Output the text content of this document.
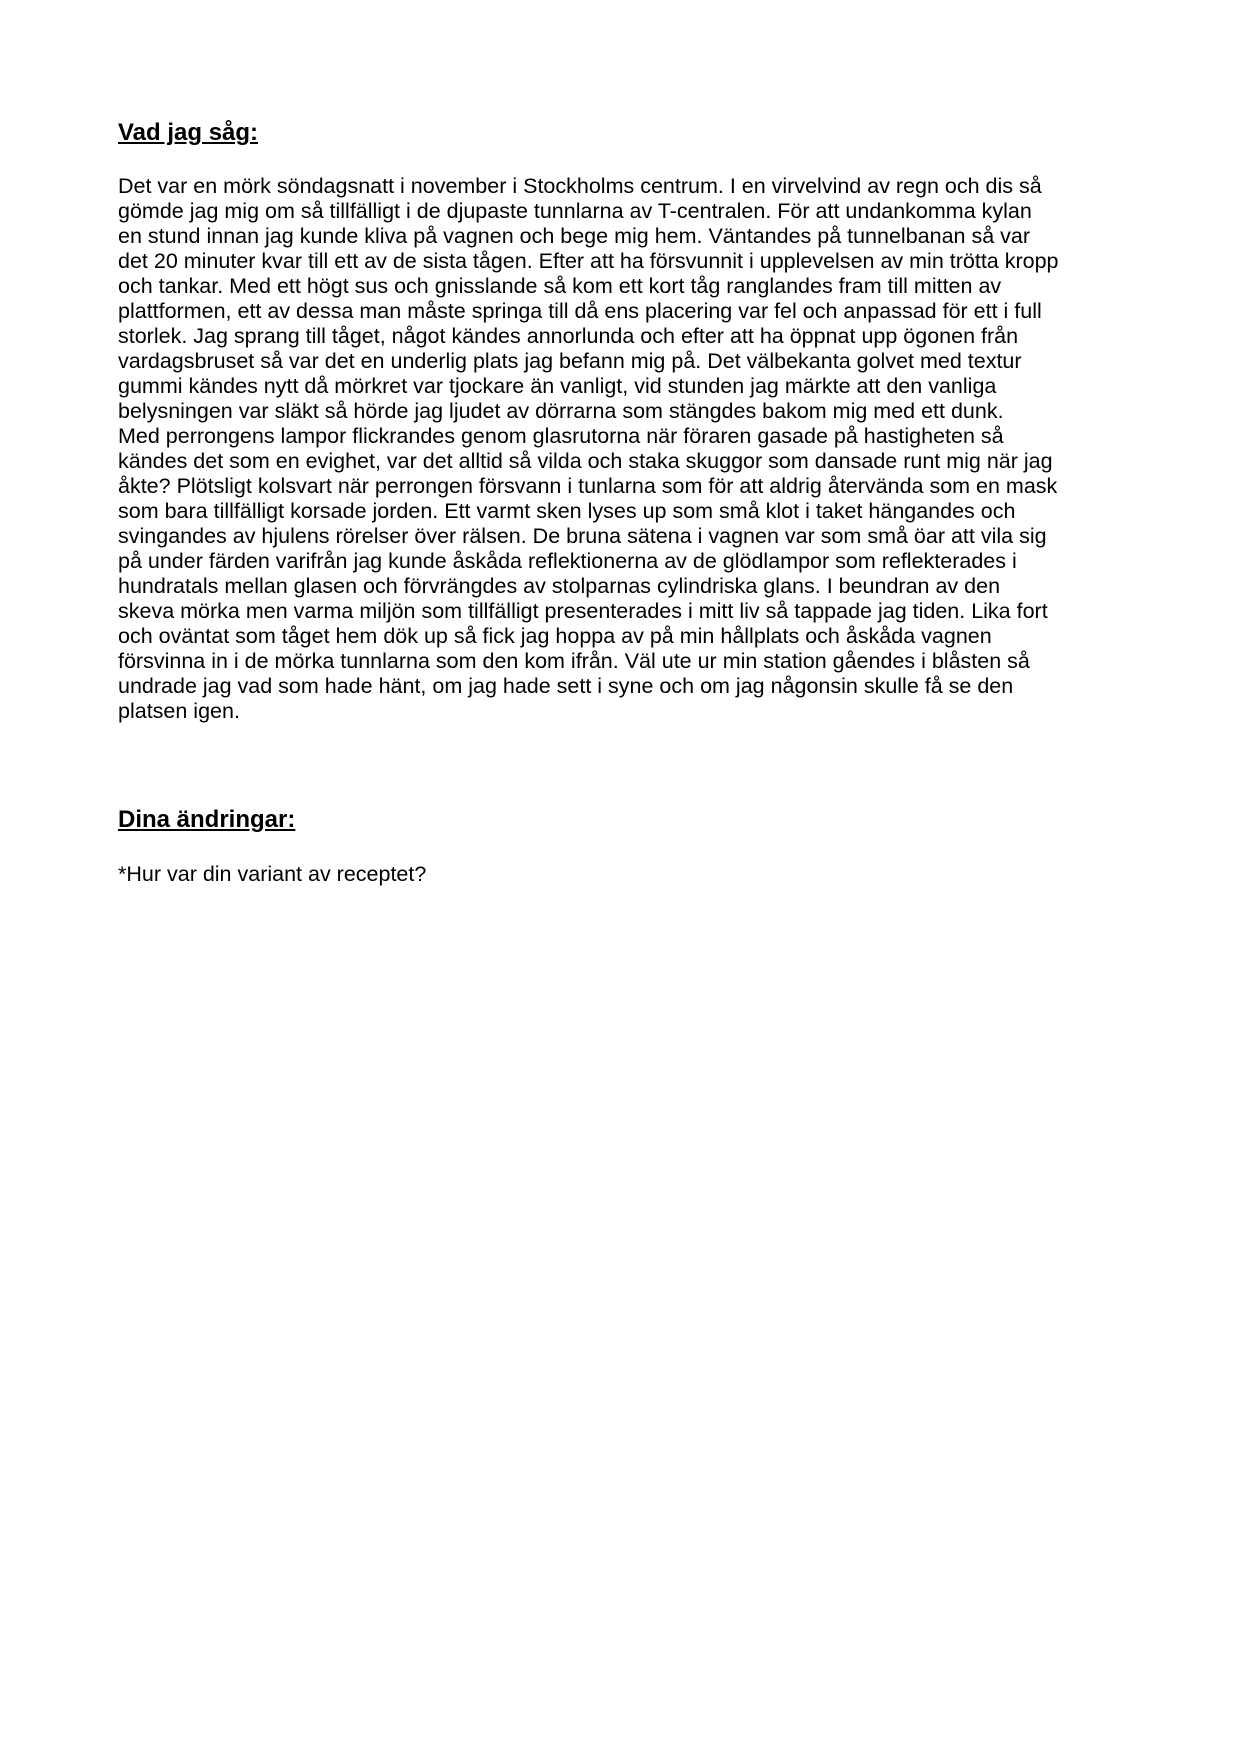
Vad jag såg:

Det var en mörk söndagsnatt i november i Stockholms centrum. I en virvelvind av regn och dis så
gömde jag mig om så tillfälligt i de djupaste tunnlarna av T-centralen. För att undankomma kylan
en stund innan jag kunde kliva på vagnen och bege mig hem. Väntandes på tunnelbanan så var
det 20 minuter kvar till ett av de sista tågen. Efter att ha försvunnit i upplevelsen av min trötta kropp
och tankar. Med ett högt sus och gnisslande så kom ett kort tåg ranglandes fram till mitten av
plattformen, ett av dessa man måste springa till då ens placering var fel och anpassad för ett i full
storlek. Jag sprang till tåget, något kändes annorlunda och efter att ha öppnat upp ögonen från
vardagsbruset så var det en underlig plats jag befann mig på. Det välbekanta golvet med textur
gummi kändes nytt då mörkret var tjockare än vanligt, vid stunden jag märkte att den vanliga
belysningen var släkt så hörde jag ljudet av dörrarna som stängdes bakom mig med ett dunk.
Med perrongens lampor flickrandes genom glasrutorna när föraren gasade på hastigheten så
kändes det som en evighet, var det alltid så vilda och staka skuggor som dansade runt mig när jag
åkte? Plötsligt kolsvart när perrongen försvann i tunlarna som för att aldrig återvända som en mask
som bara tillfälligt korsade jorden. Ett varmt sken lyses up som små klot i taket hängandes och
svingandes av hjulens rörelser över rälsen. De bruna sätena i vagnen var som små öar att vila sig
på under färden varifrån jag kunde åskåda reflektionerna av de glödlampor som reflekterades i
hundratals mellan glasen och förvrängdes av stolparnas cylindriska glans. I beundran av den
skeva mörka men varma miljön som tillfälligt presenterades i mitt liv så tappade jag tiden. Lika fort
och oväntat som tåget hem dök up så fick jag hoppa av på min hållplats och åskåda vagnen
försvinna in i de mörka tunnlarna som den kom ifrån. Väl ute ur min station gåendes i blåsten så
undrade jag vad som hade hänt, om jag hade sett i syne och om jag någonsin skulle få se den
platsen igen.

Dina ändringar:

*Hur var din variant av receptet?
